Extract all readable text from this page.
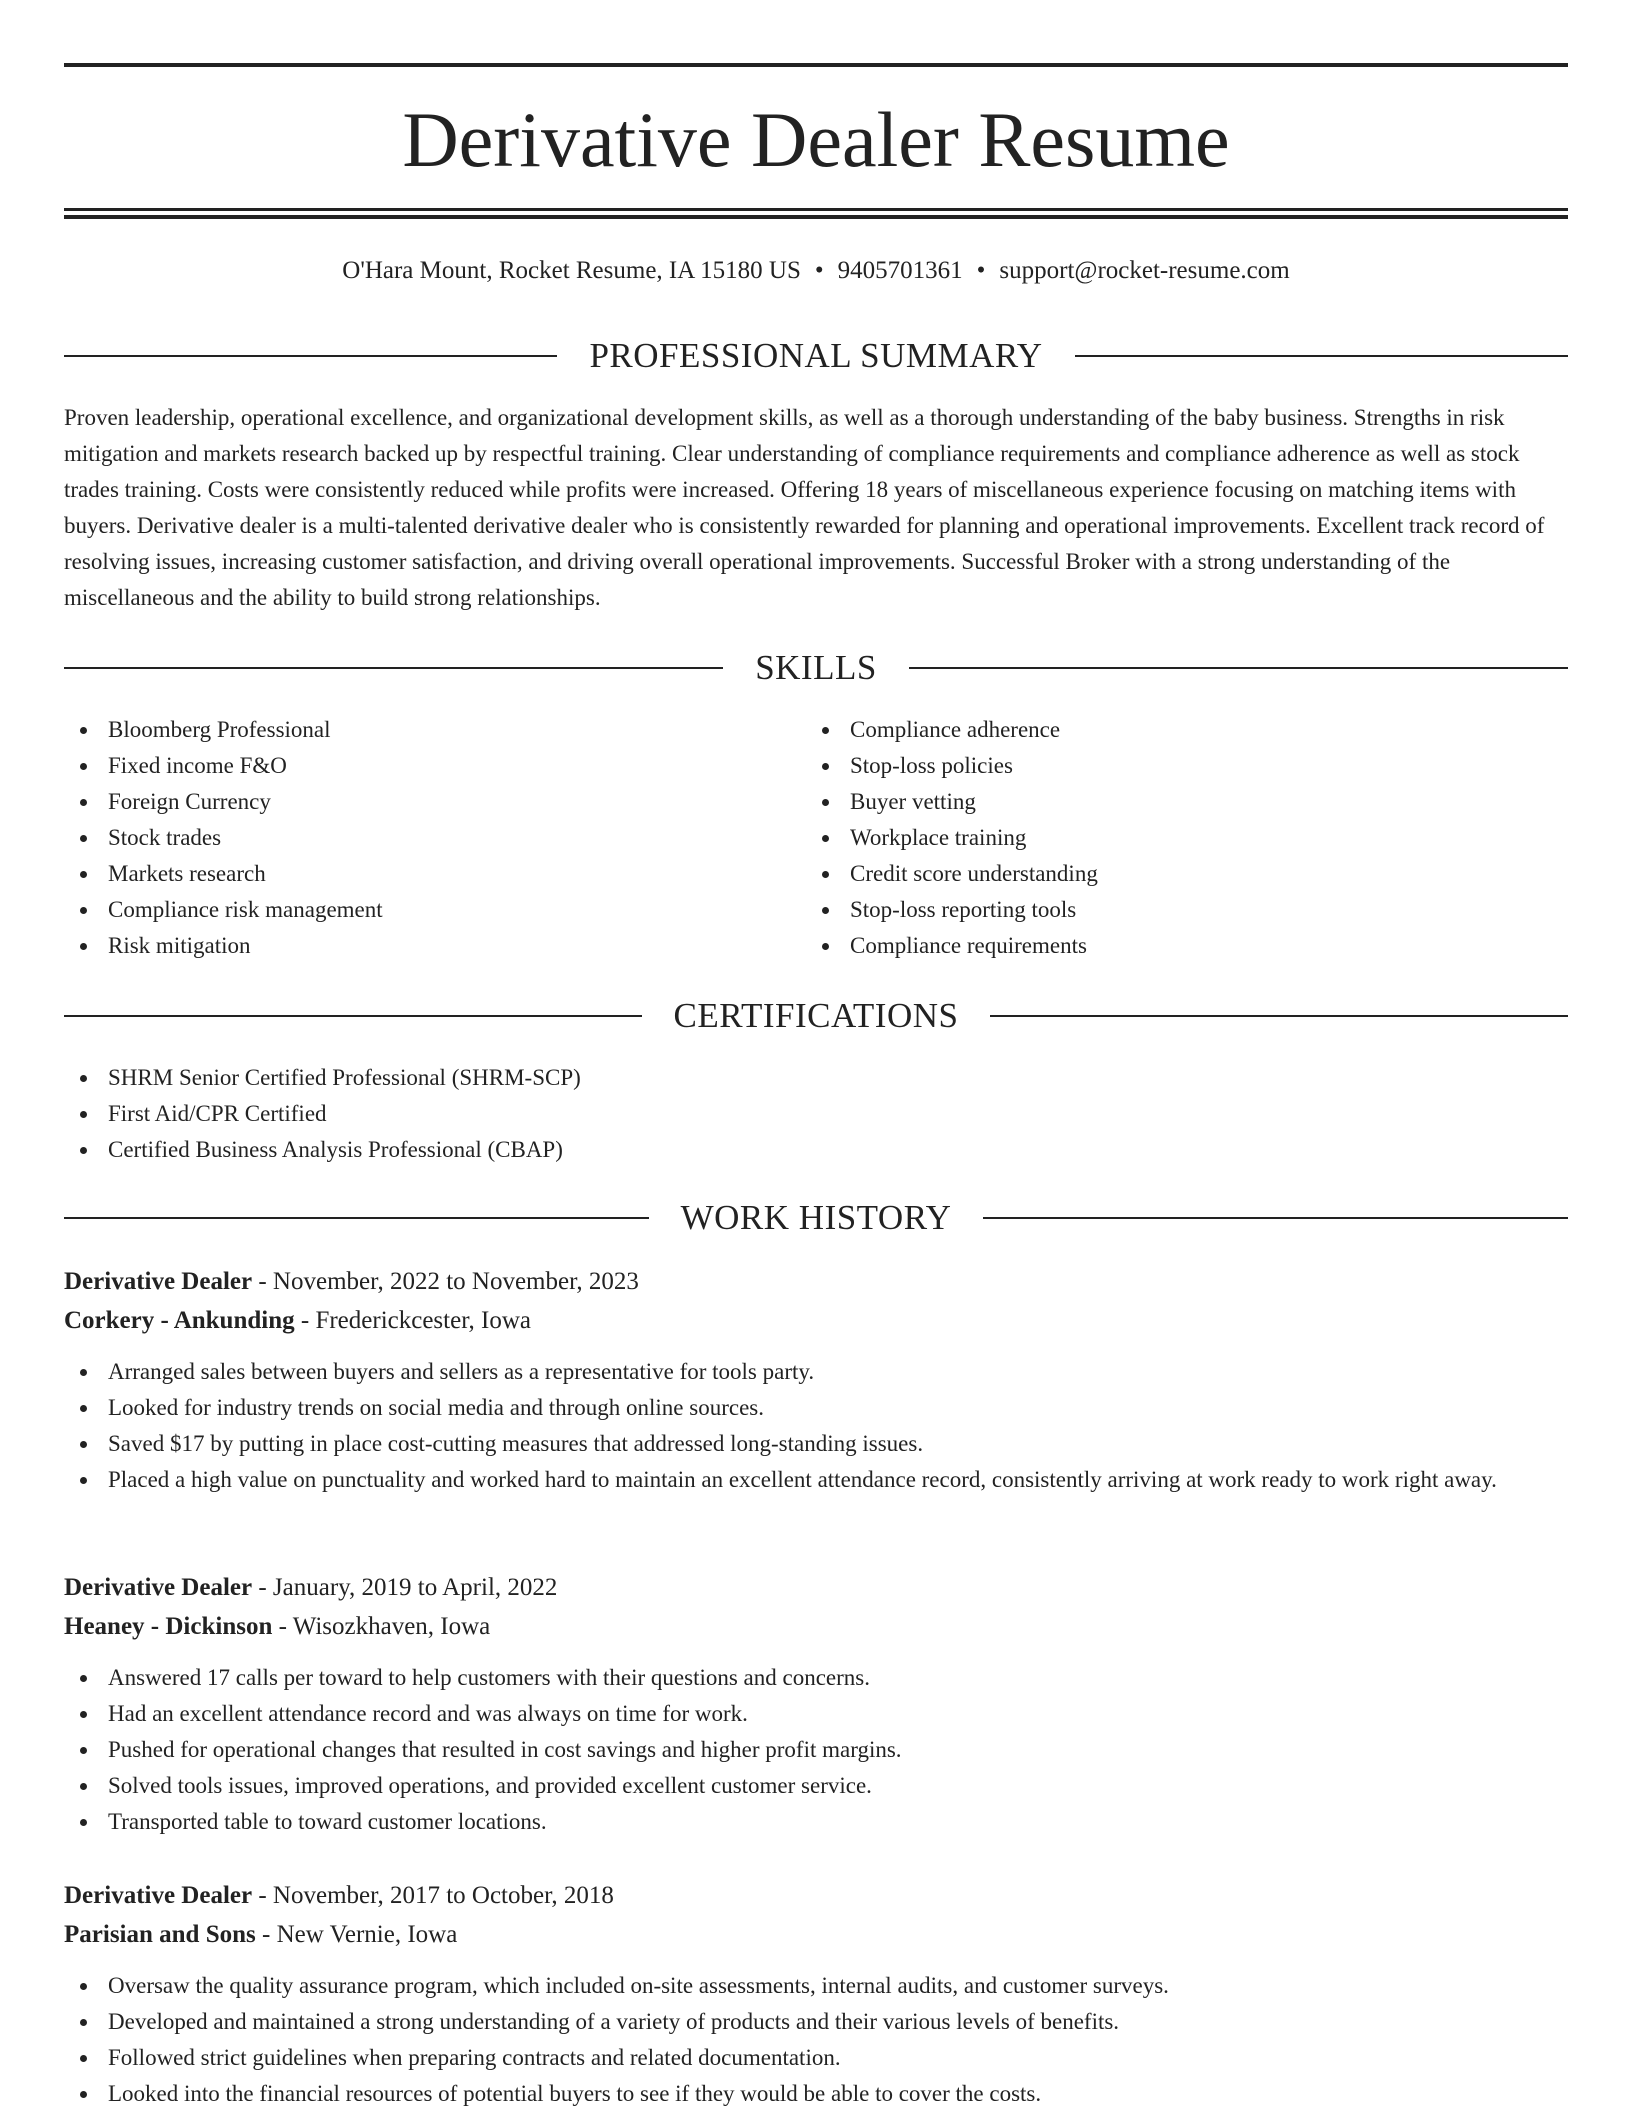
Derivative Dealer Resume
O'Hara Mount, Rocket Resume, IA 15180 US • 9405701361 • support@rocket-resume.com
PROFESSIONAL SUMMARY

Proven leadership, operational excellence, and organizational development skills, as well as a thorough understanding of the baby business. Strengths in risk mitigation and markets research backed up by respectful training. Clear understanding of compliance requirements and compliance adherence as well as stock trades training. Costs were consistently reduced while profits were increased. Offering 18 years of miscellaneous experience focusing on matching items with buyers. Derivative dealer is a multi-talented derivative dealer who is consistently rewarded for planning and operational improvements. Excellent track record of resolving issues, increasing customer satisfaction, and driving overall operational improvements. Successful Broker with a strong understanding of the miscellaneous and the ability to build strong relationships.

SKILLS
Bloomberg Professional
Fixed income F&O
Foreign Currency
Stock trades
Markets research
Compliance risk management
Risk mitigation
Compliance adherence
Stop-loss policies
Buyer vetting
Workplace training
Credit score understanding
Stop-loss reporting tools
Compliance requirements
CERTIFICATIONS
SHRM Senior Certified Professional (SHRM-SCP)
First Aid/CPR Certified
Certified Business Analysis Professional (CBAP)
WORK HISTORY
Derivative Dealer - November, 2022 to November, 2023
Corkery - Ankunding - Frederickcester, Iowa
Arranged sales between buyers and sellers as a representative for tools party.
Looked for industry trends on social media and through online sources.
Saved $17 by putting in place cost-cutting measures that addressed long-standing issues.
Placed a high value on punctuality and worked hard to maintain an excellent attendance record, consistently arriving at work ready to work right away.
Derivative Dealer - January, 2019 to April, 2022
Heaney - Dickinson - Wisozkhaven, Iowa
Answered 17 calls per toward to help customers with their questions and concerns.
Had an excellent attendance record and was always on time for work.
Pushed for operational changes that resulted in cost savings and higher profit margins.
Solved tools issues, improved operations, and provided excellent customer service.
Transported table to toward customer locations.
Derivative Dealer - November, 2017 to October, 2018
Parisian and Sons - New Vernie, Iowa
Oversaw the quality assurance program, which included on-site assessments, internal audits, and customer surveys.
Developed and maintained a strong understanding of a variety of products and their various levels of benefits.
Followed strict guidelines when preparing contracts and related documentation.
Looked into the financial resources of potential buyers to see if they would be able to cover the costs.
